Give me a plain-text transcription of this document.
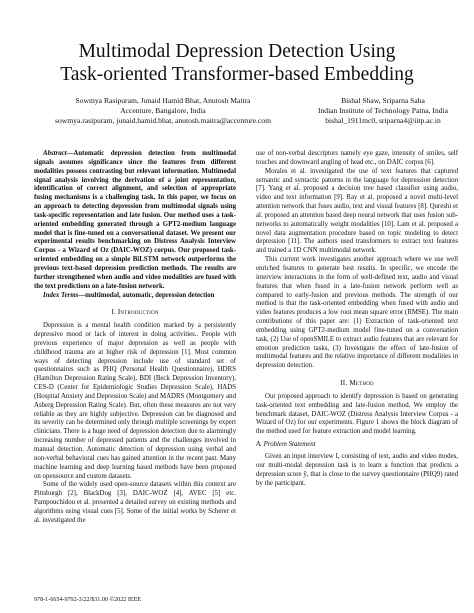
Multimodal Depression Detection Using
Task-oriented Transformer-based Embedding
Sowmya Rasipuram, Junaid Hamid Bhat, Anutosh Maitra
Accenture, Bangalore, India
sowmya.rasipuram, junaid.hamid.bhat, anutosh.maitra@accenture.com
Bishal Shaw, Sriparna Saha
Indian Institute of Technology Patna, India
bishal_1911mc0, sriparna4@iitp.ac.in

Abstract—Automatic depression detection from multimodal signals assumes significance since the features from different modalities possess contrasting but relevant information. Multimodal signal analysis involving the derivation of a joint representation, identification of correct alignment, and selection of appropriate fusing mechanisms is a challenging task. In this paper, we focus on an approach to detecting depression from multimodal signals using task-specific representation and late fusion. Our method uses a task-oriented embedding generated through a GPT2-medium language model that is fine-tuned on a conversational dataset. We present our experimental results benchmarking on Distress Analysis Interview Corpus - a Wizard of Oz (DAIC-WOZ) corpus. Our proposed task-oriented embedding on a simple BiLSTM network outperforms the previous text-based depression prediction methods. The results are further strengthened when audio and video modalities are fused with the text predictions on a late-fusion network.

Index Terms—multimodal, automatic, depression detection

I. Introduction

Depression is a mental health condition marked by a persistently depressive mood or lack of interest in doing activities.. People with previous experience of major depression as well as people with childhood trauma are at higher risk of depression [1]. Most common ways of detecting depression include use of standard set of questionnaires such as PHQ (Personal Health Questionnaire), HDRS (Hamilton Depression Rating Scale), BDI (Beck Depression Inventory), CES-D (Center for Epidemiologic Studies Depression Scale), HADS (Hospital Anxiety and Depression Scale) and MADRS (Montgomery and Asberg Depression Rating Scale). But, often these measures are not very reliable as they are highly subjective. Depression can be diagnosed and its severity can be determined only through multiple screenings by expert clinicians. There is a huge need of depression detection due to alarmingly increasing number of depressed patients and the challenges involved in manual detection. Automatic detection of depression using verbal and non-verbal behavioral cues has gained attention in the recent past. Many machine learning and deep learning based methods have been proposed on opensource and custom datasets.

Some of the widely used open-source datasets within this context are Pittsburgh [2], BlackDog [3], DAIC-WOZ [4], AVEC [5] etc. Pampouchidou et al. presented a detailed survey on existing methods and algorithms using visual cues [5]. Some of the initial works by Scherer et al. investigated the

use of non-verbal descriptors namely eye gaze, intensity of smiles, self touches and downward angling of head etc., on DAIC corpus [6].

Morales et al. investigated the use of text features that captured semantic and syntactic patterns in the language for depression detection [7]. Yang et al. proposed a decision tree based classifier using audio, video and text information [9]. Ray et al. proposed a novel multi-level attention network that fuses audio, text and visual features [8]. Qureshi et al. proposed an attention based deep neural network that uses fusion sub-networks to automatically weight modalities [10]. Lam et al. proposed a novel data augmentation procedure based on topic modeling to detect depression [11]. The authors used transformers to extract text features and trained a 1D CNN multimodal network.

This current work investigates another approach where we use well enriched features to generate best results. In specific, we encode the interview interactions in the form of well-defined text, audio and visual features that when fused in a late-fusion network perform well as compared to early-fusion and previous methods. The strength of our method is that the task-oriented embedding when fused with audio and video features produces a low root mean square error (RMSE). The main contributions of this paper are: (1) Extraction of task-oriented text embedding using GPT2-medium model fine-tuned on a conversation task, (2) Use of openSMILE to extract audio features that are relevant for emotion prediction tasks, (3) Investigate the effect of late-fusion of multimodal features and the relative importance of different modalities in depression detection.

II. Method

Our proposed approach to identify depression is based on generating task-oriented text embedding and late-fusion method. We employ the benchmark dataset, DAIC-WOZ (Distress Analysis Interview Corpus - a Wizard of Oz) for our experiments. Figure 1 shows the block diagram of the method used for feature extraction and model learning.

A. Problem Statement

Given an input interview I, consisting of text, audio and video modes, our multi-modal depression task is to learn a function that predicts a depression score ŷ, that is close to the survey questionnaire (PHQ9) rated by the participant.

978-1-6654-9792-3/22/$31.00 ©2022 IEEE
